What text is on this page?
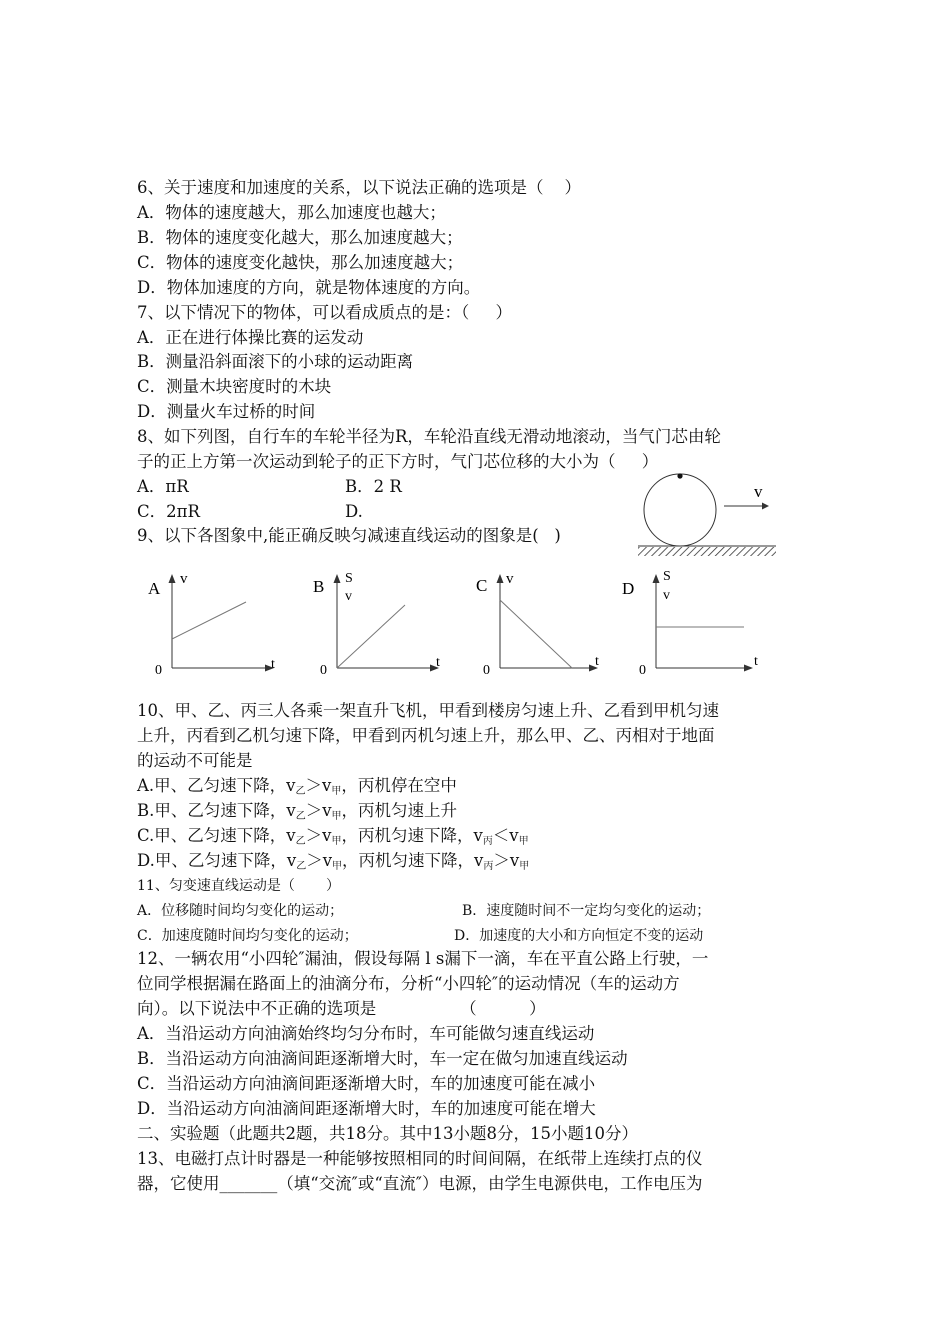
6、关于速度和加速度的关系，以下说法正确的选项是（    ）
A．物体的速度越大，那么加速度也越大；
B．物体的速度变化越大，那么加速度越大；
C．物体的速度变化越快，那么加速度越大；
D．物体加速度的方向，就是物体速度的方向。
7、以下情况下的物体，可以看成质点的是：（     ）
A．正在进行体操比赛的运发动
B．测量沿斜面滚下的小球的运动距离
C．测量木块密度时的木块
D．测量火车过桥的时间
8、如下列图，自行车的车轮半径为R，车轮沿直线无滑动地滚动，当气门芯由轮
子的正上方第一次运动到轮子的正下方时，气门芯位移的大小为（     ）
A．πR	B．2 R
C．2πR	D.
v
9、以下各图象中,能正确反映匀减速直线运动的图象是(   )
A v
t
0
B S
v
t
0
C v
t
0
D
S
v
t
0
10、甲、乙、丙三人各乘一架直升飞机，甲看到楼房匀速上升、乙看到甲机匀速
上升，丙看到乙机匀速下降，甲看到丙机匀速上升，那么甲、乙、丙相对于地面
的运动不可能是
A.甲、乙匀速下降，$v_乙>v_甲$，丙机停在空中
B.甲、乙匀速下降，$v_乙>v_甲$，丙机匀速上升
C.甲、乙匀速下降，$v_乙>v_甲$，丙机匀速下降，$v_丙<v_甲$
D.甲、乙匀速下降，$v_乙>v_甲$，丙机匀速下降，$v_丙>v_甲$
11、匀变速直线运动是（       ）
A．位移随时间均匀变化的运动；	B．速度随时间不一定均匀变化的运动；
C．加速度随时间均匀变化的运动；	D．加速度的大小和方向恒定不变的运动
12、一辆农用“小四轮″漏油，假设每隔 l s漏下一滴，车在平直公路上行驶，一
位同学根据漏在路面上的油滴分布，分析“小四轮″的运动情况（车的运动方
向）。以下说法中不正确的选项是                （          ）
A．当沿运动方向油滴始终均匀分布时，车可能做匀速直线运动
B．当沿运动方向油滴间距逐渐增大时，车一定在做匀加速直线运动
C．当沿运动方向油滴间距逐渐增大时，车的加速度可能在减小
D．当沿运动方向油滴间距逐渐增大时，车的加速度可能在增大
二、实验题（此题共2题，共18分。其中13小题8分，15小题10分）
13、电磁打点计时器是一种能够按照相同的时间间隔，在纸带上连续打点的仪
器，它使用_______（填“交流″或“直流″）电源，由学生电源供电，工作电压为
